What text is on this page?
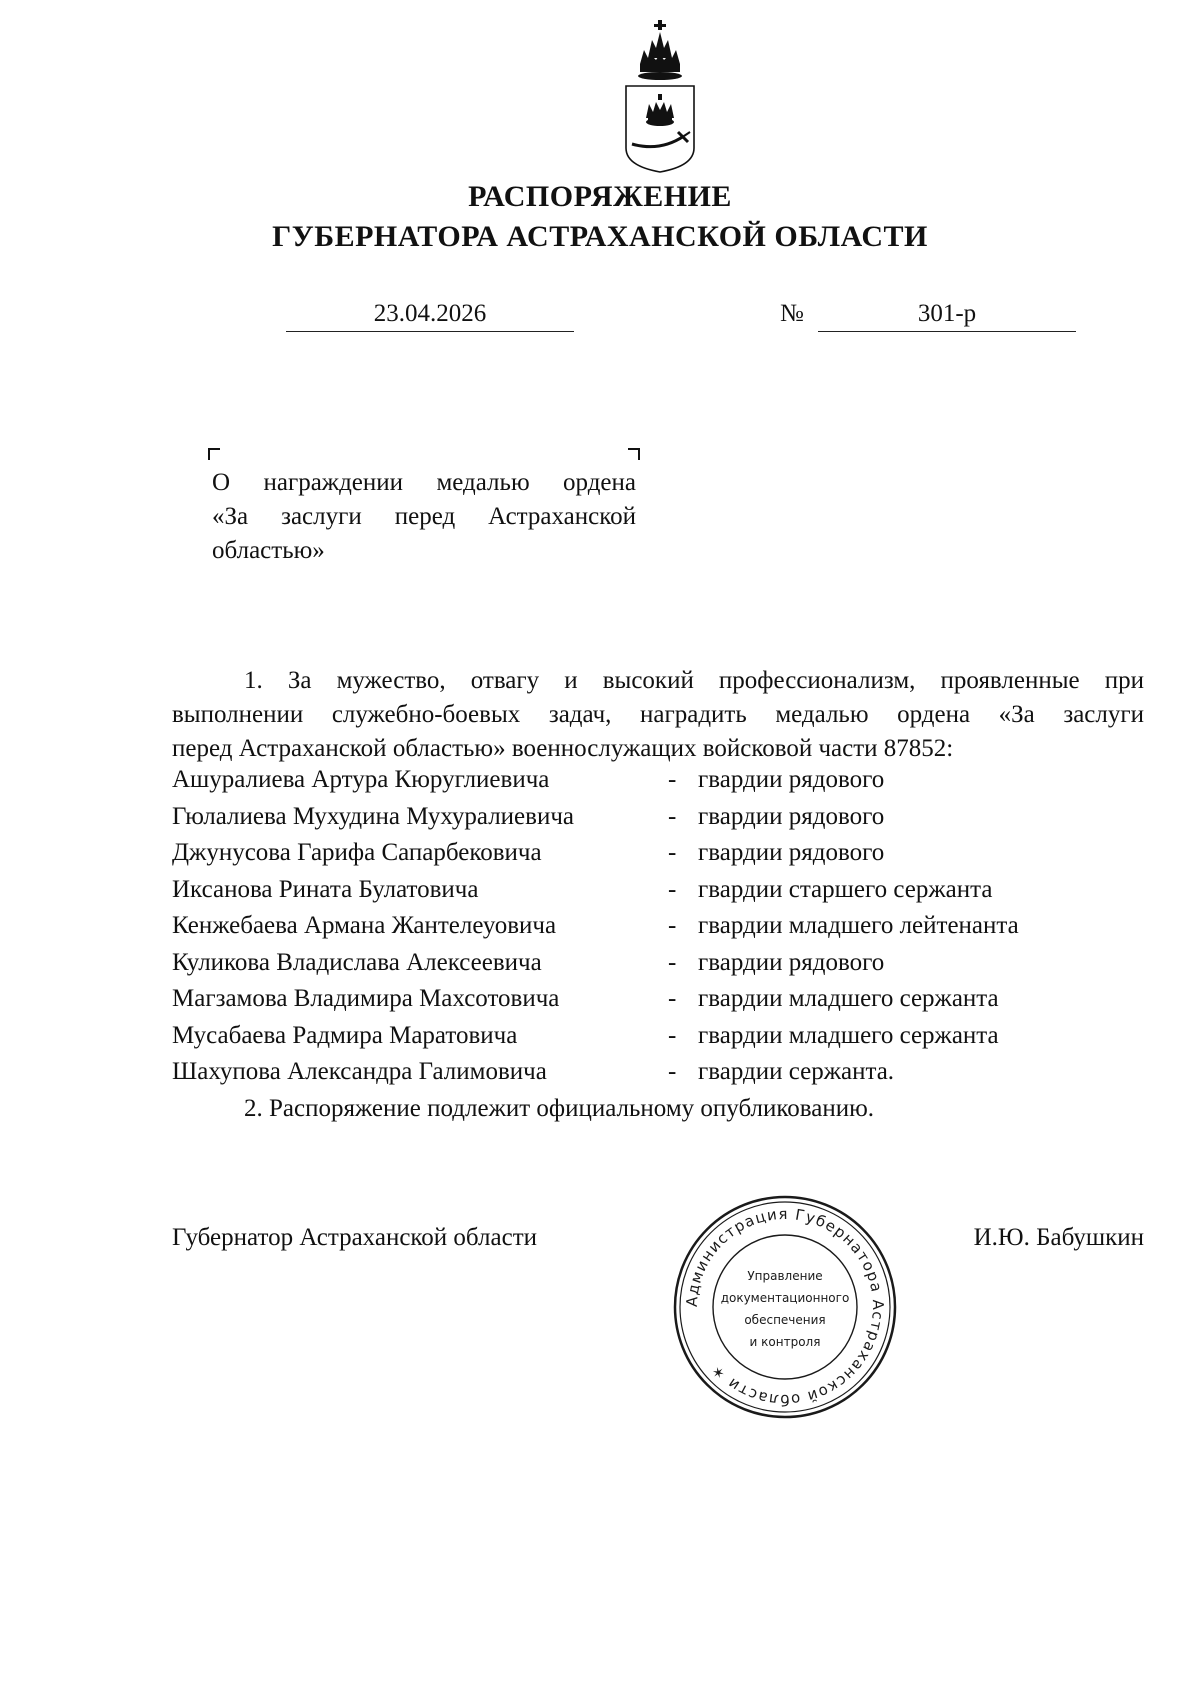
РАСПОРЯЖЕНИЕ
ГУБЕРНАТОРА АСТРАХАНСКОЙ ОБЛАСТИ
23.04.2026	№	301-р
О награждении медалью ордена
«За заслуги перед Астраханской
областью»
1. За мужество, отвагу и высокий профессионализм, проявленные при
выполнении служебно-боевых задач, наградить медалью ордена «За заслуги
перед Астраханской областью» военнослужащих войсковой части 87852:
Ашуралиева Артура Кюруглиевича	- гвардии рядового
Гюлалиева Мухудина Мухуралиевича	- гвардии рядового
Джунусова Гарифа Сапарбековича	- гвардии рядового
Иксанова Рината Булатовича	- гвардии старшего сержанта
Кенжебаева Армана Жантелеуовича	- гвардии младшего лейтенанта
Куликова Владислава Алексеевича	- гвардии рядового
Магзамова Владимира Махсотовича	- гвардии младшего сержанта
Мусабаева Радмира Маратовича	- гвардии младшего сержанта
Шахупова Александра Галимовича	- гвардии сержанта.
2. Распоряжение подлежит официальному опубликованию.
Губернатор Астраханской области	И.Ю. Бабушкин
Администрация Губернатора Астраханской области ✶
Управление
документационного
обеспечения
и контроля
